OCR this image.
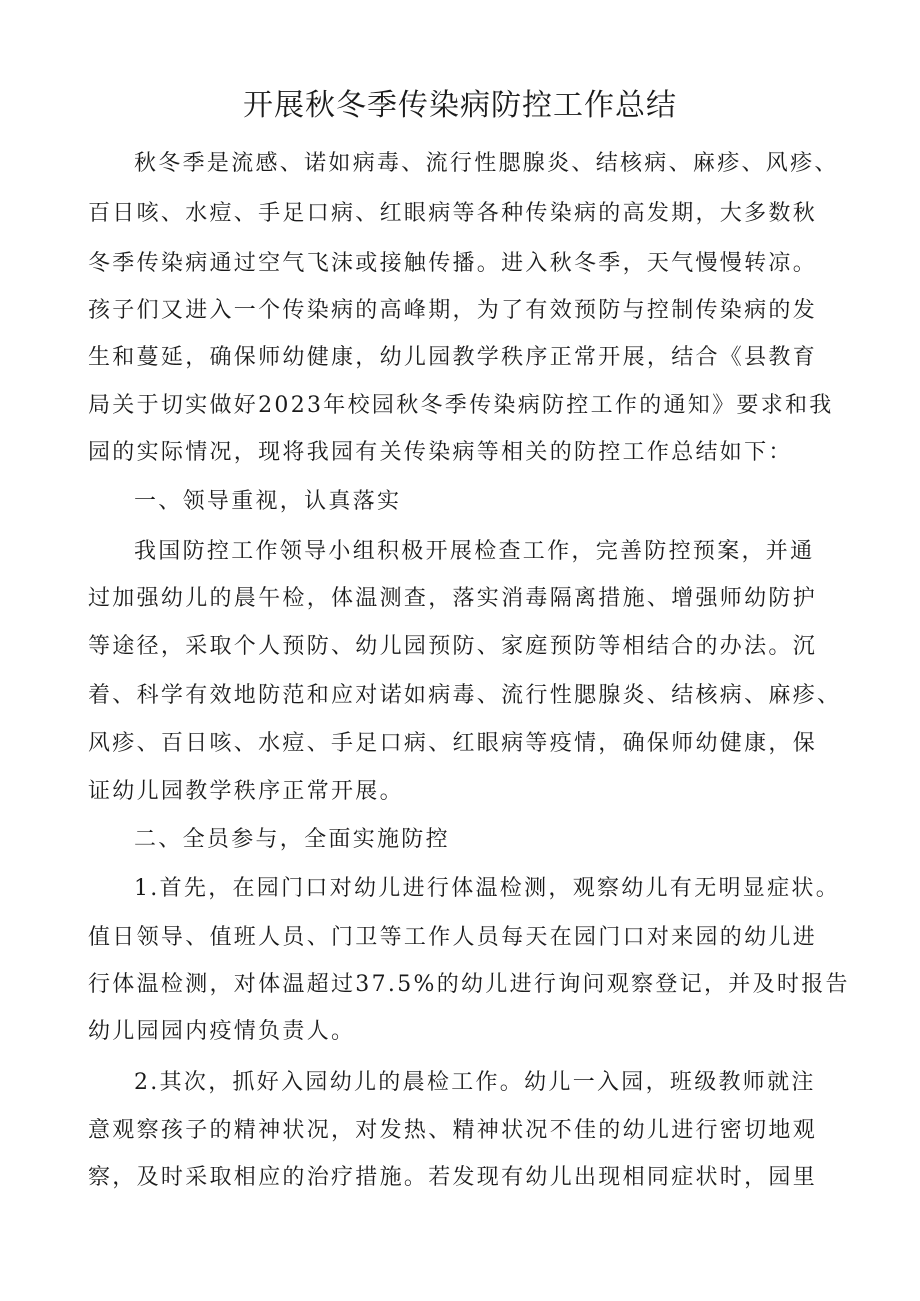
开展秋冬季传染病防控工作总结
秋冬季是流感、诺如病毒、流行性腮腺炎、结核病、麻疹、风疹、
百日咳、水痘、手足口病、红眼病等各种传染病的高发期，大多数秋
冬季传染病通过空气飞沫或接触传播。进入秋冬季，天气慢慢转凉。
孩子们又进入一个传染病的高峰期，为了有效预防与控制传染病的发
生和蔓延，确保师幼健康，幼儿园教学秩序正常开展，结合《县教育
局关于切实做好2023年校园秋冬季传染病防控工作的通知》要求和我
园的实际情况，现将我园有关传染病等相关的防控工作总结如下：
一、领导重视，认真落实
我国防控工作领导小组积极开展检查工作，完善防控预案，并通
过加强幼儿的晨午检，体温测查，落实消毒隔离措施、增强师幼防护
等途径，采取个人预防、幼儿园预防、家庭预防等相结合的办法。沉
着、科学有效地防范和应对诺如病毒、流行性腮腺炎、结核病、麻疹、
风疹、百日咳、水痘、手足口病、红眼病等疫情，确保师幼健康，保
证幼儿园教学秩序正常开展。
二、全员参与，全面实施防控
1.首先，在园门口对幼儿进行体温检测，观察幼儿有无明显症状。
值日领导、值班人员、门卫等工作人员每天在园门口对来园的幼儿进
行体温检测，对体温超过37.5%的幼儿进行询问观察登记，并及时报告
幼儿园园内疫情负责人。
2.其次，抓好入园幼儿的晨检工作。幼儿一入园，班级教师就注
意观察孩子的精神状况，对发热、精神状况不佳的幼儿进行密切地观
察，及时采取相应的治疗措施。若发现有幼儿出现相同症状时，园里
